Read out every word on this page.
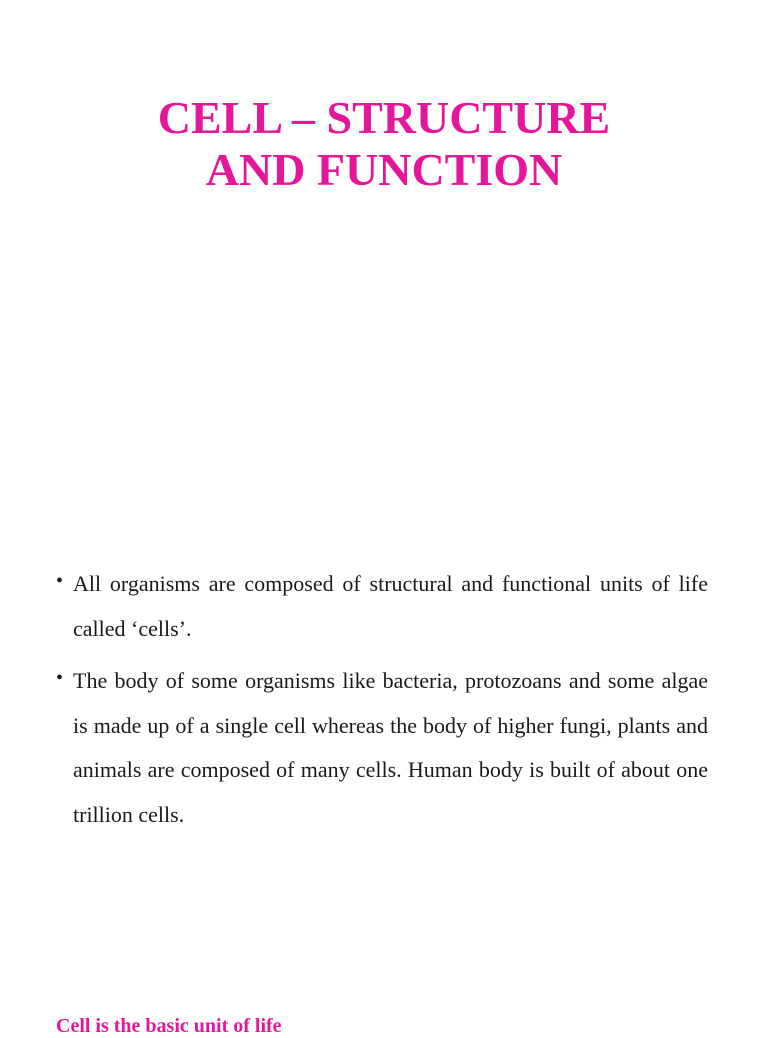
CELL – STRUCTURE
AND FUNCTION
• All organisms are composed of structural and functional units of life called ‘cells’.
• The body of some organisms like bacteria, protozoans and some algae is made up of a single cell whereas the body of higher fungi, plants and animals are composed of many cells. Human body is built of about one trillion cells.
Cell is the basic unit of life
